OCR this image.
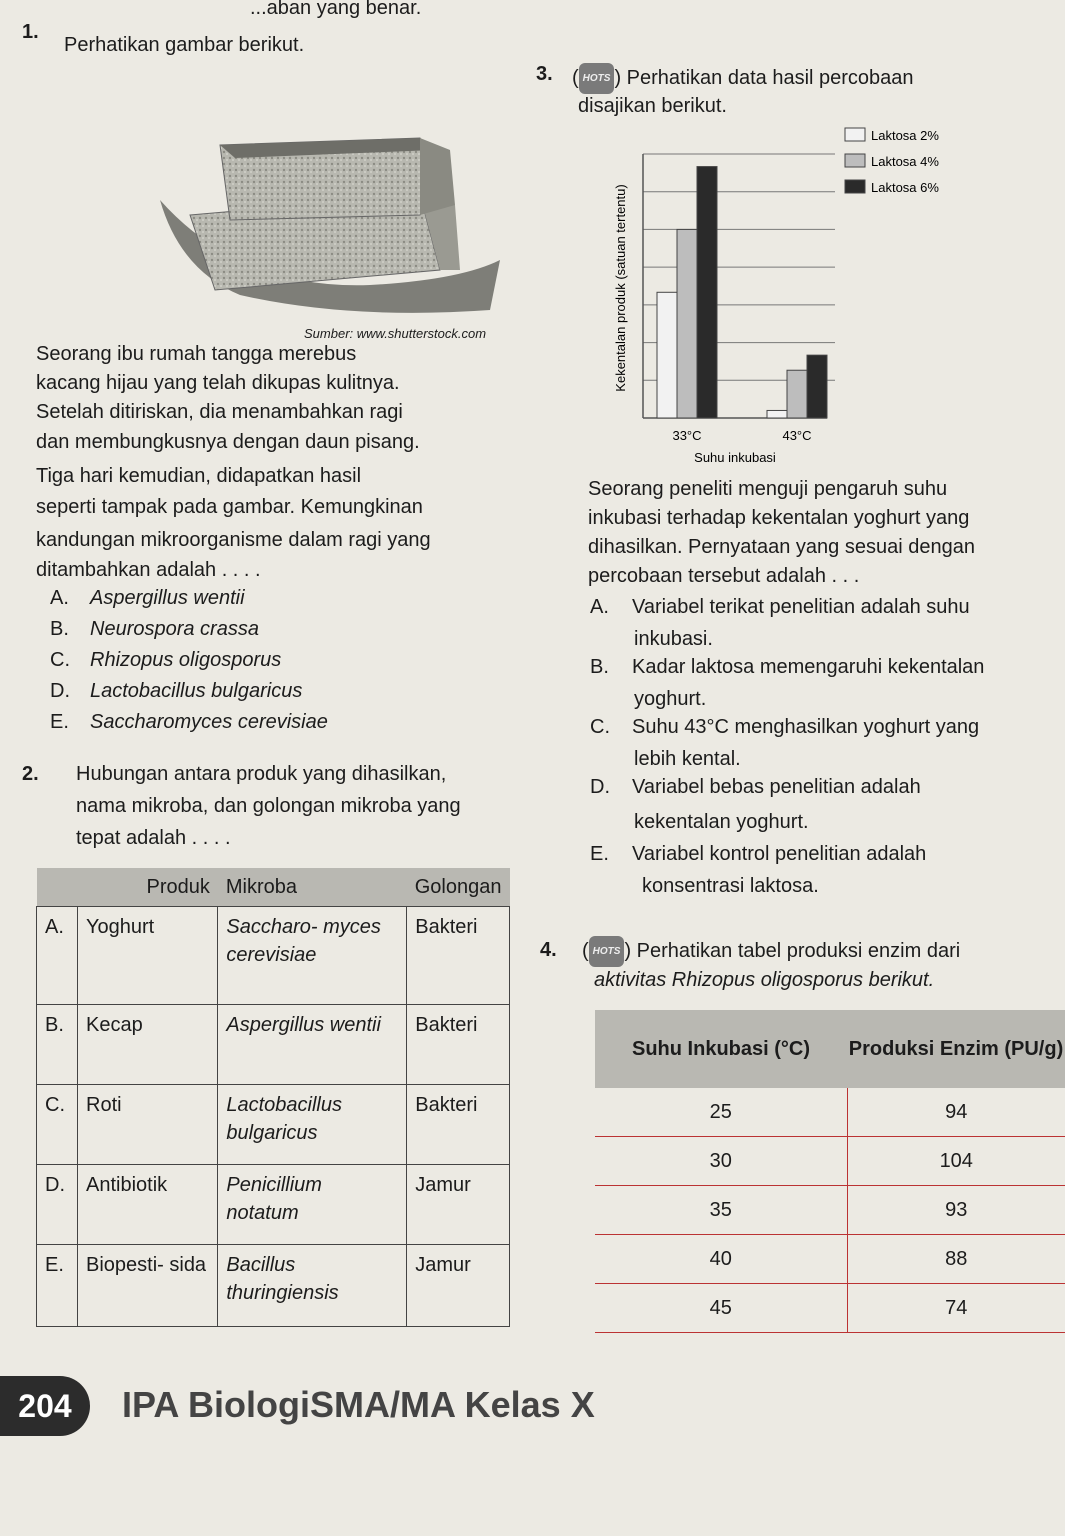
...aban yang benar.
1.
Perhatikan gambar berikut.
Sumber: www.shutterstock.com
Seorang ibu rumah tangga merebus
kacang hijau yang telah dikupas kulitnya.
Setelah ditiriskan, dia menambahkan ragi
dan membungkusnya dengan daun pisang.
Tiga hari kemudian, didapatkan hasil
seperti tampak pada gambar. Kemungkinan
kandungan mikroorganisme dalam ragi yang
ditambahkan adalah . . . .
A. Aspergillus wentii
B. Neurospora crassa
C. Rhizopus oligosporus
D. Lactobacillus bulgaricus
E. Saccharomyces cerevisiae
2. Hubungan antara produk yang dihasilkan,
nama mikroba, dan golongan mikroba yang
tepat adalah . . . .
Produk		Mikroba	Golongan
A.	Yoghurt	Saccharo- myces cerevisiae	Bakteri
B.	Kecap	Aspergillus wentii	Bakteri
C.	Roti	Lactobacillus bulgaricus	Bakteri
D.	Antibiotik	Penicillium notatum	Jamur
E.	Biopesti- sida	Bacillus thuringiensis	Jamur
3. ( HOTS ) Perhatikan data hasil percobaan
disajikan berikut.
33°C	43°C
Kekentalan produk (satuan tertentu)
Suhu inkubasi
Laktosa 2%
Laktosa 4%
Laktosa 6%
Seorang peneliti menguji pengaruh suhu
inkubasi terhadap kekentalan yoghurt yang
dihasilkan. Pernyataan yang sesuai dengan
percobaan tersebut adalah . . .
A. Variabel terikat penelitian adalah suhu
inkubasi.
B. Kadar laktosa memengaruhi kekentalan
yoghurt.
C. Suhu 43°C menghasilkan yoghurt yang
lebih kental.
D. Variabel bebas penelitian adalah
kekentalan yoghurt.
E. Variabel kontrol penelitian adalah
konsentrasi laktosa.
4. ( HOTS ) Perhatikan tabel produksi enzim dari
aktivitas Rhizopus oligosporus berikut.
Suhu Inkubasi (°C)	Produksi Enzim (PU/g)
25	94
30	104
35	93
40	88
45	74
204	IPA BiologiSMA/MA Kelas X
